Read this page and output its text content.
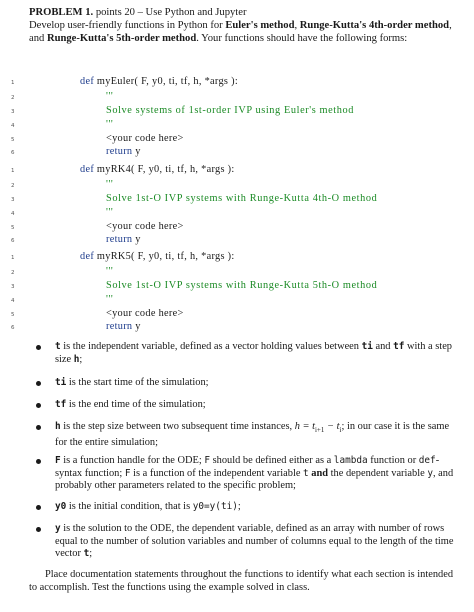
PROBLEM 1. points 20 – Use Python and Jupyter
Develop user-friendly functions in Python for Euler's method, Runge-Kutta's 4th-order method, and Runge-Kutta's 5th-order method. Your functions should have the following forms:
1	def myEuler( F, y0, ti, tf, h, *args ):
2	'''
3	Solve systems of 1st-order IVP using Euler's method
4	'''
5	<your code here>
6	return y
1	def myRK4( F, y0, ti, tf, h, *args ):
2	'''
3	Solve 1st-O IVP systems with Runge-Kutta 4th-O method
4	'''
5	<your code here>
6	return y
1	def myRK5( F, y0, ti, tf, h, *args ):
2	'''
3	Solve 1st-O IVP systems with Runge-Kutta 5th-O method
4	'''
5	<your code here>
6	return y
t is the independent variable, defined as a vector holding values between ti and tf with a step size h;
ti is the start time of the simulation;
tf is the end time of the simulation;
h is the step size between two subsequent time instances, $h = t_{i+1} - t_i$; in our case it is the same for the entire simulation;
F is a function handle for the ODE; F should be defined either as a lambda function or def-syntax function; F is a function of the independent variable t and the dependent variable y, and probably other parameters related to the specific problem;
y0 is the initial condition, that is y0=y(ti);
y is the solution to the ODE, the dependent variable, defined as an array with number of rows equal to the number of solution variables and number of columns equal to the length of the time vector t;
Place documentation statements throughout the functions to identify what each section is intended to accomplish. Test the functions using the example solved in class.
